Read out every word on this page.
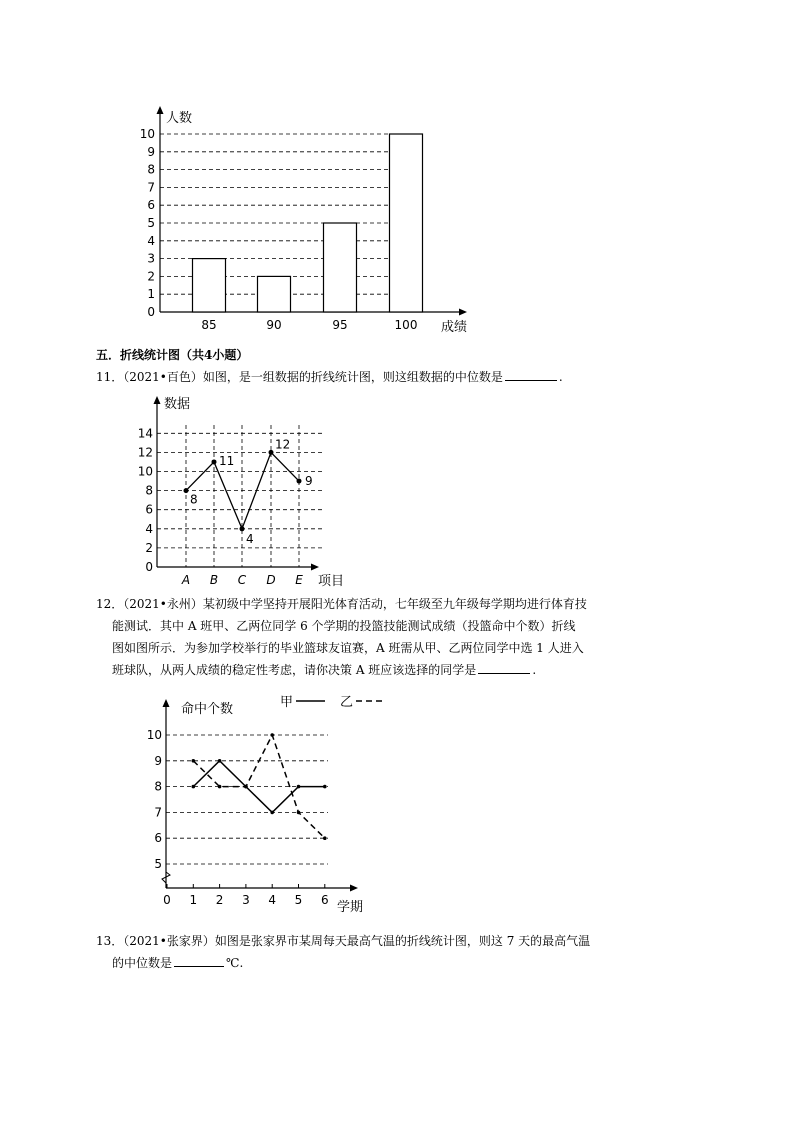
0
1
2
3
4
5
6
7
8
9
10
人数
成绩
85	90	95	100
五．折线统计图（共4小题）
11．（2021•百色）如图，是一组数据的折线统计图，则这组数据的中位数是	.
0
2
4
6
8
10
12
14
数据
项目
8
A
11
B
4
C
12
D
9
E
12．（2021•永州）某初级中学坚持开展阳光体育活动，七年级至九年级每学期均进行体育技
能测试．其中 A 班甲、乙两位同学 6 个学期的投篮技能测试成绩（投篮命中个数）折线
图如图所示．为参加学校举行的毕业篮球友谊赛，A 班需从甲、乙两位同学中选 1 人进入
班球队，从两人成绩的稳定性考虑，请你决策 A 班应该选择的同学是	.
5
6
7
8
9
10
0 1 2 3 4 5 6
命中个数
学期
甲	乙
13．（2021•张家界）如图是张家界市某周每天最高气温的折线统计图，则这 7 天的最高气温
的中位数是	℃.
